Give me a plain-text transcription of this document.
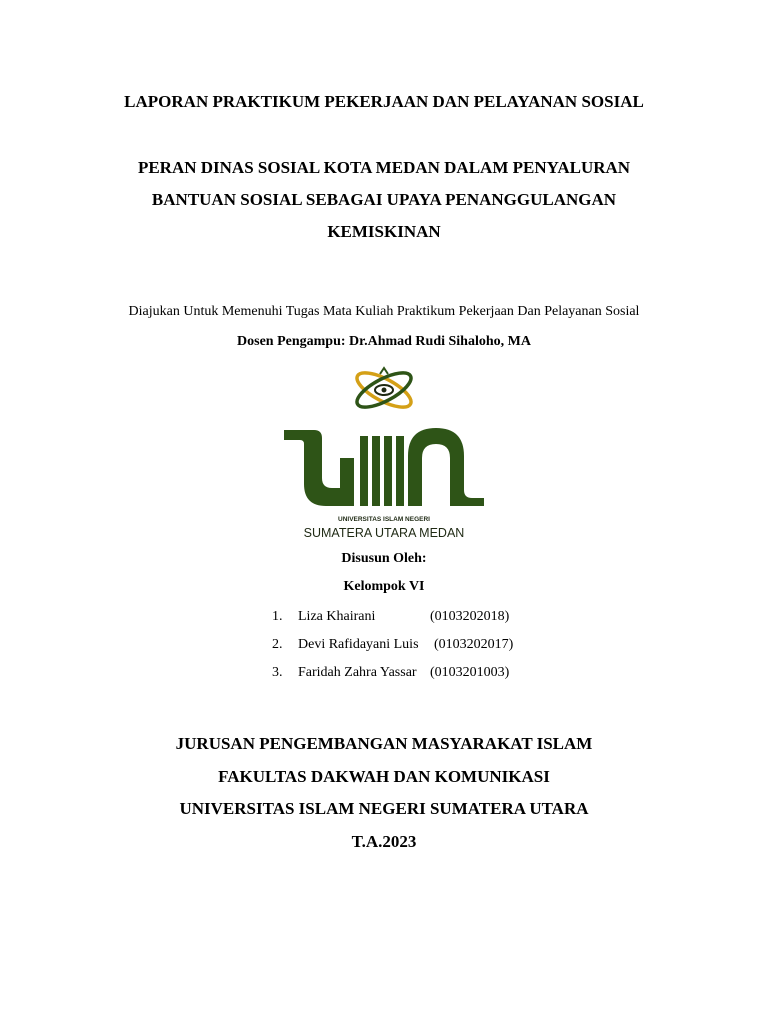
LAPORAN PRAKTIKUM PEKERJAAN DAN PELAYANAN SOSIAL
PERAN DINAS SOSIAL KOTA MEDAN DALAM PENYALURAN
BANTUAN SOSIAL SEBAGAI UPAYA PENANGGULANGAN
KEMISKINAN
Diajukan Untuk Memenuhi Tugas Mata Kuliah Praktikum Pekerjaan Dan Pelayanan Sosial
Dosen Pengampu: Dr.Ahmad Rudi Sihaloho, MA
UNIVERSITAS ISLAM NEGERI
SUMATERA UTARA MEDAN
Disusun Oleh:
Kelompok VI
1.	Liza Khairani	(0103202018)
2.	Devi Rafidayani Luis (0103202017)
3.	Faridah Zahra Yassar (0103201003)
JURUSAN PENGEMBANGAN MASYARAKAT ISLAM
FAKULTAS DAKWAH DAN KOMUNIKASI
UNIVERSITAS ISLAM NEGERI SUMATERA UTARA
T.A.2023
